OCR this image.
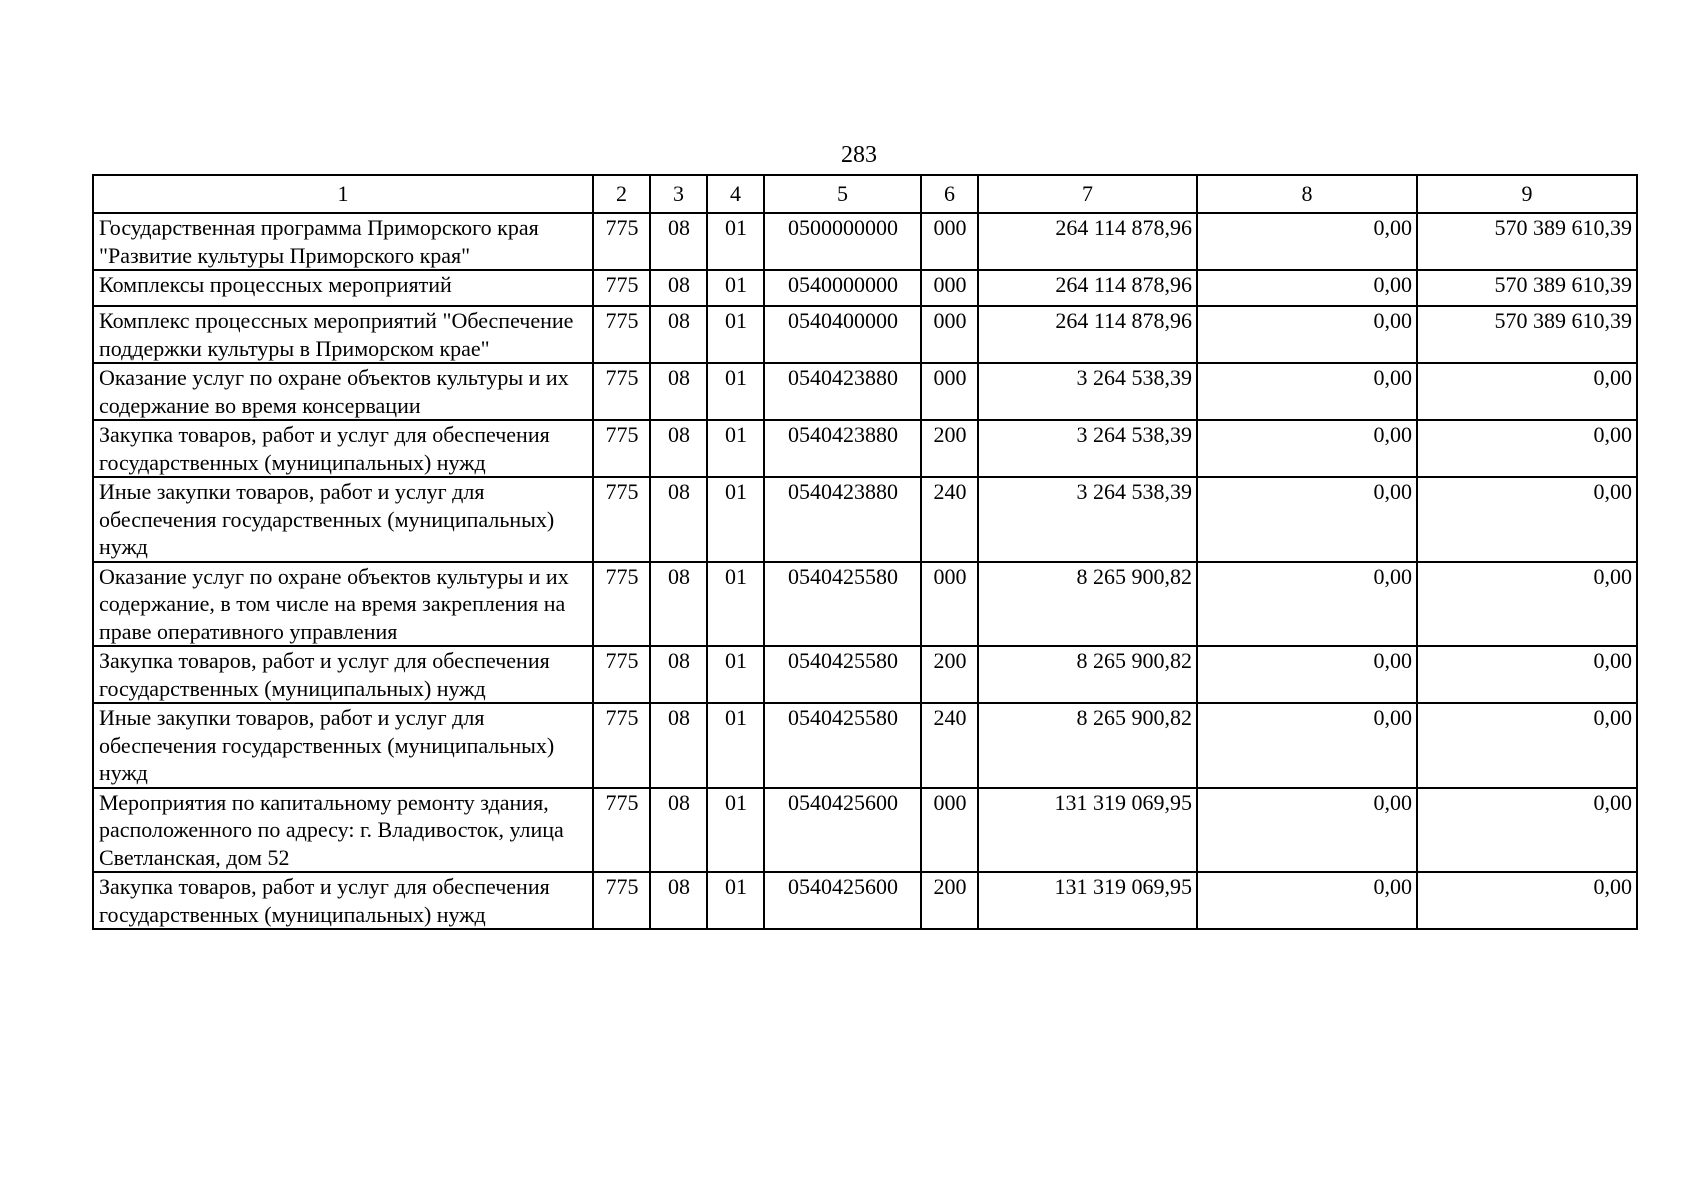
283
1	2	3	4	5	6	7	8	9
Государственная программа Приморского края "Развитие культуры Приморского края"	775	08	01	0500000000	000	264 114 878,96	0,00	570 389 610,39
Комплексы процессных мероприятий	775	08	01	0540000000	000	264 114 878,96	0,00	570 389 610,39
Комплекс процессных мероприятий "Обеспечение поддержки культуры в Приморском крае"	775	08	01	0540400000	000	264 114 878,96	0,00	570 389 610,39
Оказание услуг по охране объектов культуры и их содержание во время консервации	775	08	01	0540423880	000	3 264 538,39	0,00	0,00
Закупка товаров, работ и услуг для обеспечения государственных (муниципальных) нужд	775	08	01	0540423880	200	3 264 538,39	0,00	0,00
Иные закупки товаров, работ и услуг для обеспечения государственных (муниципальных) нужд	775	08	01	0540423880	240	3 264 538,39	0,00	0,00
Оказание услуг по охране объектов культуры и их содержание, в том числе на время закрепления на праве оперативного управления	775	08	01	0540425580	000	8 265 900,82	0,00	0,00
Закупка товаров, работ и услуг для обеспечения государственных (муниципальных) нужд	775	08	01	0540425580	200	8 265 900,82	0,00	0,00
Иные закупки товаров, работ и услуг для обеспечения государственных (муниципальных) нужд	775	08	01	0540425580	240	8 265 900,82	0,00	0,00
Мероприятия по капитальному ремонту здания, расположенного по адресу: г. Владивосток, улица Светланская, дом 52	775	08	01	0540425600	000	131 319 069,95	0,00	0,00
Закупка товаров, работ и услуг для обеспечения государственных (муниципальных) нужд	775	08	01	0540425600	200	131 319 069,95	0,00	0,00
